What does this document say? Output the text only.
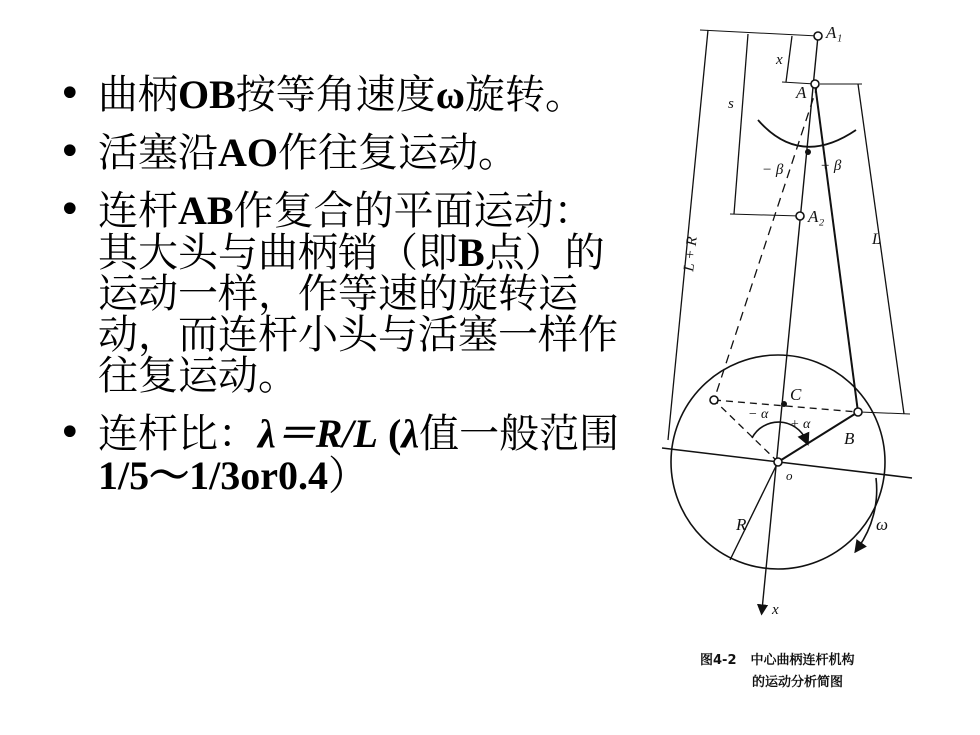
• 曲柄OB按等角速度ω旋转。
• 活塞沿AO作往复运动。
• 连杆AB作复合的平面运动：其大头与曲柄销（即B点）的运动一样，作等速的旋转运动，而连杆小头与活塞一样作往复运动。
• 连杆比：λ＝R/L (λ值一般范围1/5～1/3or0.4）
A₁
A
A₂
x
s
− β + β
L + R	L
C
− α
+ α
B
o
R	ω
x
图4-2 中心曲柄连杆机构
的运动分析简图
